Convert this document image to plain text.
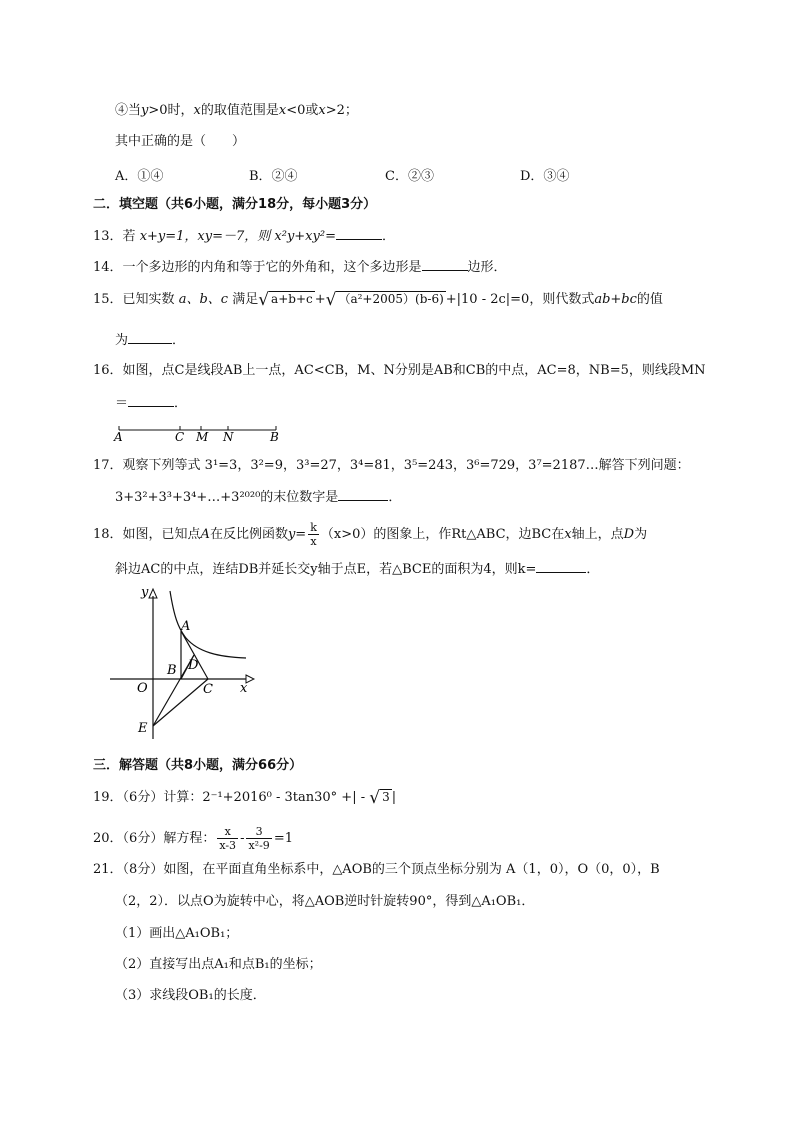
④当y>0时，x的取值范围是x<0或x>2；
其中正确的是（　　）
A．①④	B．②④	C．②③	D．③④
二．填空题（共6小题，满分18分，每小题3分）
13．若 x+y=1，xy=－7，则 x²y+xy²=	．
14．一个多边形的内角和等于它的外角和，这个多边形是	边形．
15．已知实数 a、b、c 满足√ a+b+c +√ （a²+2005）(b-6) +|10 - 2c|=0，则代数式ab+bc的值
为	．
16．如图，点C是线段AB上一点，AC<CB，M、N分别是AB和CB的中点，AC=8，NB=5，则线段MN
＝	．
A	C M N	B
17．观察下列等式 3¹=3，3²=9，3³=27，3⁴=81，3⁵=243，3⁶=729，3⁷=2187…解答下列问题：
3+3²+3³+3⁴+…+3²⁰²⁰的末位数字是	．
18．如图，已知点A在反比例函数$y= \frac{k}{x} (x>0)$的图象上，作Rt△ABC，边BC在x轴上，点D为
斜边AC的中点，连结DB并延长交y轴于点E，若△BCE的面积为4，则k=	．
y
A
B D
O	C x
E
三．解答题（共8小题，满分66分）
19．（6分）计算：2⁻¹+2016⁰ - 3tan30° +| - √ 3 |
20．（6分）解方程： $\frac{x}{x-3} - \frac{3}{\text{x²-9}} =1$
21．（8分）如图，在平面直角坐标系中，△AOB的三个顶点坐标分别为 A（1，0），O（0，0），B
（2，2）．以点O为旋转中心，将△AOB逆时针旋转90°，得到△A₁OB₁．
（1）画出△A₁OB₁；
（2）直接写出点A₁和点B₁的坐标；
（3）求线段OB₁的长度．
